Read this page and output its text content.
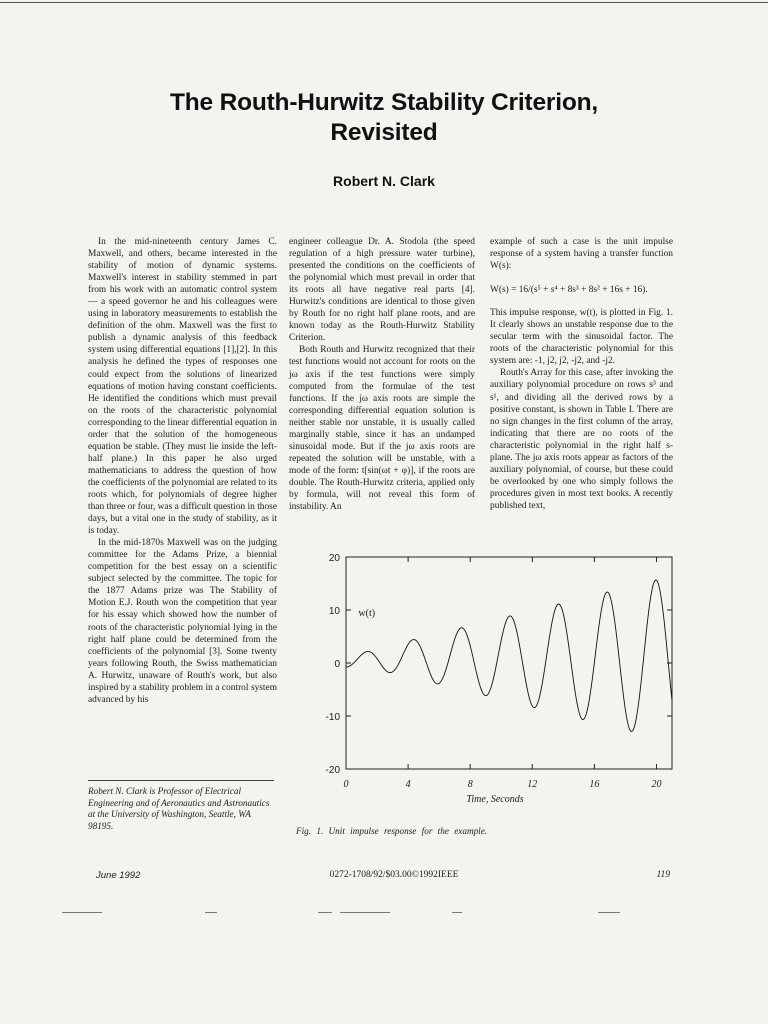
The Routh-Hurwitz Stability Criterion,
Revisited
Robert N. Clark

In the mid-nineteenth century James C. Maxwell, and others, became interested in the stability of motion of dynamic systems. Maxwell's interest in stability stemmed in part from his work with an automatic control system — a speed governor he and his colleagues were using in laboratory measurements to establish the definition of the ohm. Maxwell was the first to publish a dynamic analysis of this feedback system using differential equations [1],[2]. In this analysis he defined the types of responses one could expect from the solutions of linearized equations of motion having constant coefficients. He identified the conditions which must prevail on the roots of the characteristic polynomial corresponding to the linear differential equation in order that the solution of the homogeneous equation be stable. (They must lie inside the left-half plane.) In this paper he also urged mathematicians to address the question of how the coefficients of the polynomial are related to its roots which, for polynomials of degree higher than three or four, was a difficult question in those days, but a vital one in the study of stability, as it is today.

In the mid-1870s Maxwell was on the judging committee for the Adams Prize, a biennial competition for the best essay on a scientific subject selected by the committee. The topic for the 1877 Adams prize was The Stability of Motion E.J. Routh won the competition that year for his essay which showed how the number of roots of the characteristic polynomial lying in the right half plane could be determined from the coefficients of the polynomial [3]. Some twenty years following Routh, the Swiss mathematician A. Hurwitz, unaware of Routh's work, but also inspired by a stability problem in a control system advanced by his

engineer colleague Dr. A. Stodola (the speed regulation of a high pressure water turbine), presented the conditions on the coefficients of the polynomial which must prevail in order that its roots all have negative real parts [4]. Hurwitz's conditions are identical to those given by Routh for no right half plane roots, and are known today as the Routh-Hurwitz Stability Criterion.

Both Routh and Hurwitz recognized that their test functions would not account for roots on the jω axis if the test functions were simply computed from the formulae of the test functions. If the jω axis roots are simple the corresponding differential equation solution is neither stable nor unstable, it is usually called marginally stable, since it has an undamped sinusoidal mode. But if the jω axis roots are repeated the solution will be unstable, with a mode of the form: t[sin(ωt + φ)], if the roots are double. The Routh-Hurwitz criteria, applied only by formula, will not reveal this form of instability. An

example of such a case is the unit impulse response of a system having a transfer function W(s):

W(s) = 16/(s⁵ + s⁴ + 8s³ + 8s² + 16s + 16).

This impulse response, w(t), is plotted in Fig. 1. It clearly shows an unstable response due to the secular term with the sinusoidal factor. The roots of the characteristic polynomial for this system are: -1, j2, j2, -j2, and -j2.

Routh's Array for this case, after invoking the auxiliary polynomial procedure on rows s³ and s¹, and dividing all the derived rows by a positive constant, is shown in Table I. There are no sign changes in the first column of the array, indicating that there are no roots of the characteristic polynomial in the right half s-plane. The jω axis roots appear as factors of the auxiliary polynomial, of course, but these could be overlooked by one who simply follows the procedures given in most text books. A recently published text,

Robert N. Clark is Professor of Electrical Engineering and of Aeronautics and Astronautics at the University of Washington, Seattle, WA 98195.
20
10
0
-10
-20
0	4	8	12	16	20
Time, Seconds
w(t)
Fig. 1. Unit impulse response for the example.
June 1992	0272-1708/92/$03.00©1992IEEE	119
